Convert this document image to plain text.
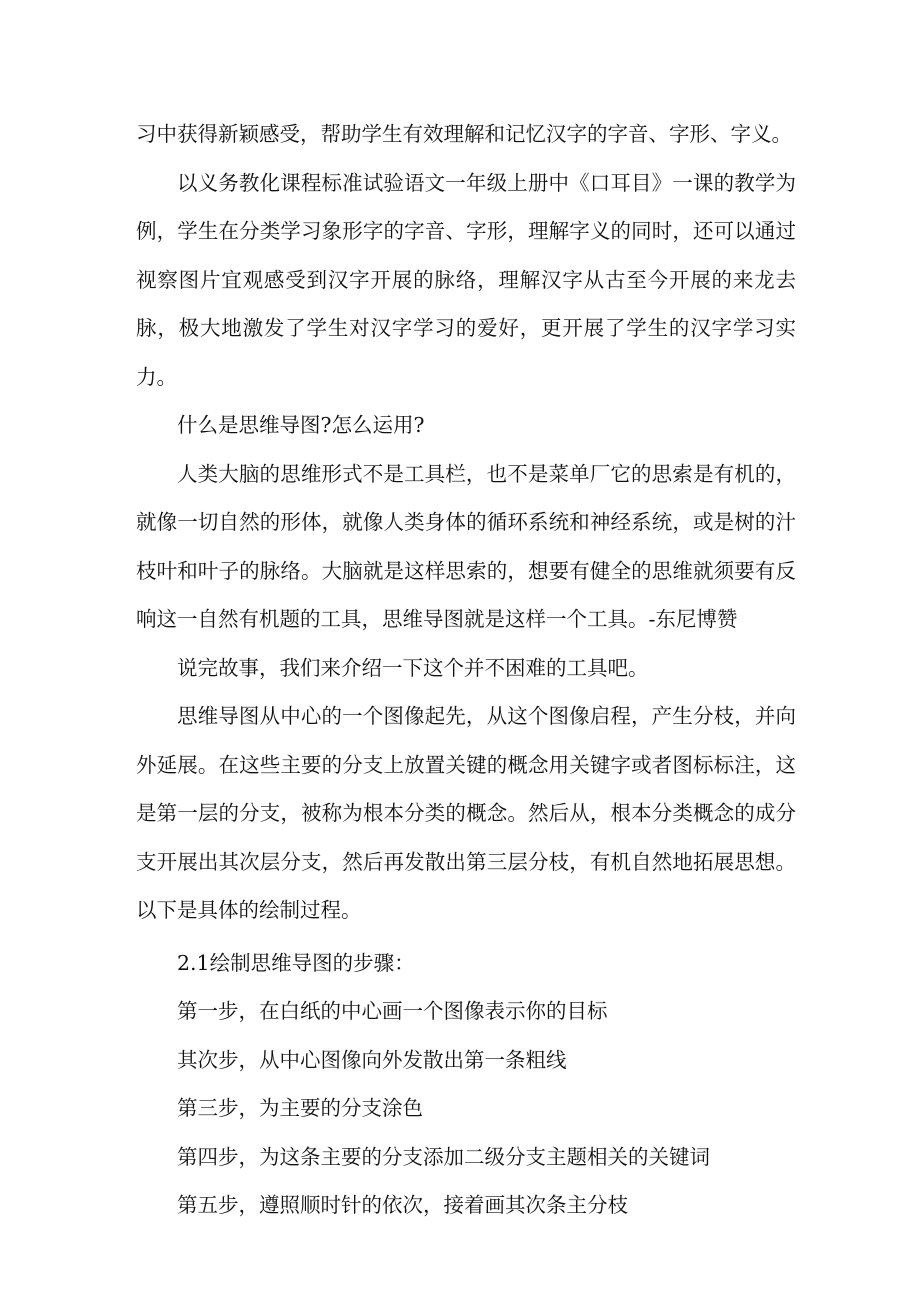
习中获得新颖感受，帮助学生有效理解和记忆汉字的字音、字形、字义。

以义务教化课程标准试验语文一年级上册中《口耳目》一课的教学为例，学生在分类学习象形字的字音、字形，理解字义的同时，还可以通过视察图片宜观感受到汉字开展的脉络，理解汉字从古至今开展的来龙去脉，极大地激发了学生对汉字学习的爱好，更开展了学生的汉字学习实力。

什么是思维导图?怎么运用?

人类大脑的思维形式不是工具栏，也不是菜单厂它的思索是有机的，就像一切自然的形体，就像人类身体的循环系统和神经系统，或是树的汁枝叶和叶子的脉络。大脑就是这样思索的，想要有健全的思维就须要有反响这一自然有机题的工具，思维导图就是这样一个工具。-东尼博赞

说完故事，我们来介绍一下这个并不困难的工具吧。

思维导图从中心的一个图像起先，从这个图像启程，产生分枝，并向外延展。在这些主要的分支上放置关键的概念用关键字或者图标标注，这是第一层的分支，被称为根本分类的概念。然后从，根本分类概念的成分支开展出其次层分支，然后再发散出第三层分枝，有机自然地拓展思想。以下是具体的绘制过程。

2.1绘制思维导图的步骤：

第一步，在白纸的中心画一个图像表示你的目标

其次步，从中心图像向外发散出第一条粗线

第三步，为主要的分支涂色

第四步，为这条主要的分支添加二级分支主题相关的关键词

第五步，遵照顺时针的依次，接着画其次条主分枝
